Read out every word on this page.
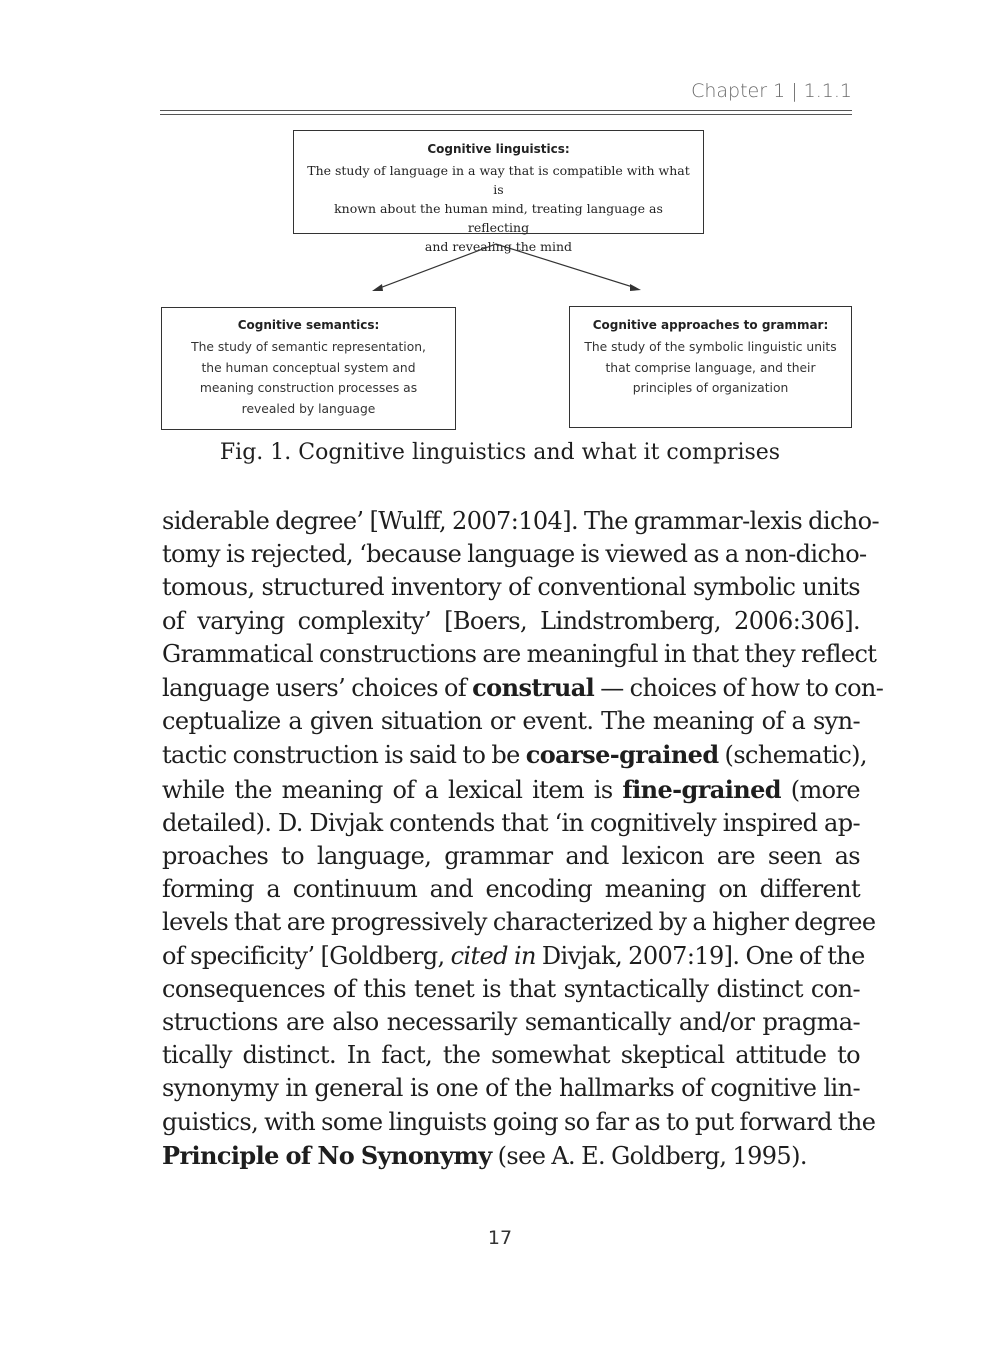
Chapter 1 | 1.1.1
Cognitive linguistics:
The study of language in a way that is compatible with what is
known about the human mind, treating language as reflecting
and revealing the mind
Cognitive semantics:
The study of semantic representation,
the human conceptual system and
meaning construction processes as
revealed by language
Cognitive approaches to grammar:
The study of the symbolic linguistic units
that comprise language, and their
principles of organization
Fig. 1. Cognitive linguistics and what it comprises
siderable degree’ [Wulff, 2007:104]. The grammar-lexis dicho-
tomy is rejected, ‘because language is viewed as a non-dicho-
tomous, structured inventory of conventional symbolic units
of varying complexity’ [Boers, Lindstromberg, 2006:306].
Grammatical constructions are meaningful in that they reflect
language users’ choices of construal — choices of how to con-
ceptualize a given situation or event. The meaning of a syn-
tactic construction is said to be coarse-grained (schematic),
while the meaning of a lexical item is fine-grained (more
detailed). D. Divjak contends that ‘in cognitively inspired ap-
proaches to language, grammar and lexicon are seen as
forming a continuum and encoding meaning on different
levels that are progressively characterized by a higher degree
of specificity’ [Goldberg, cited in Divjak, 2007:19]. One of the
consequences of this tenet is that syntactically distinct con-
structions are also necessarily semantically and/or pragma-
tically distinct. In fact, the somewhat skeptical attitude to
synonymy in general is one of the hallmarks of cognitive lin-
guistics, with some linguists going so far as to put forward the
Principle of No Synonymy (see A. E. Goldberg, 1995).
17
